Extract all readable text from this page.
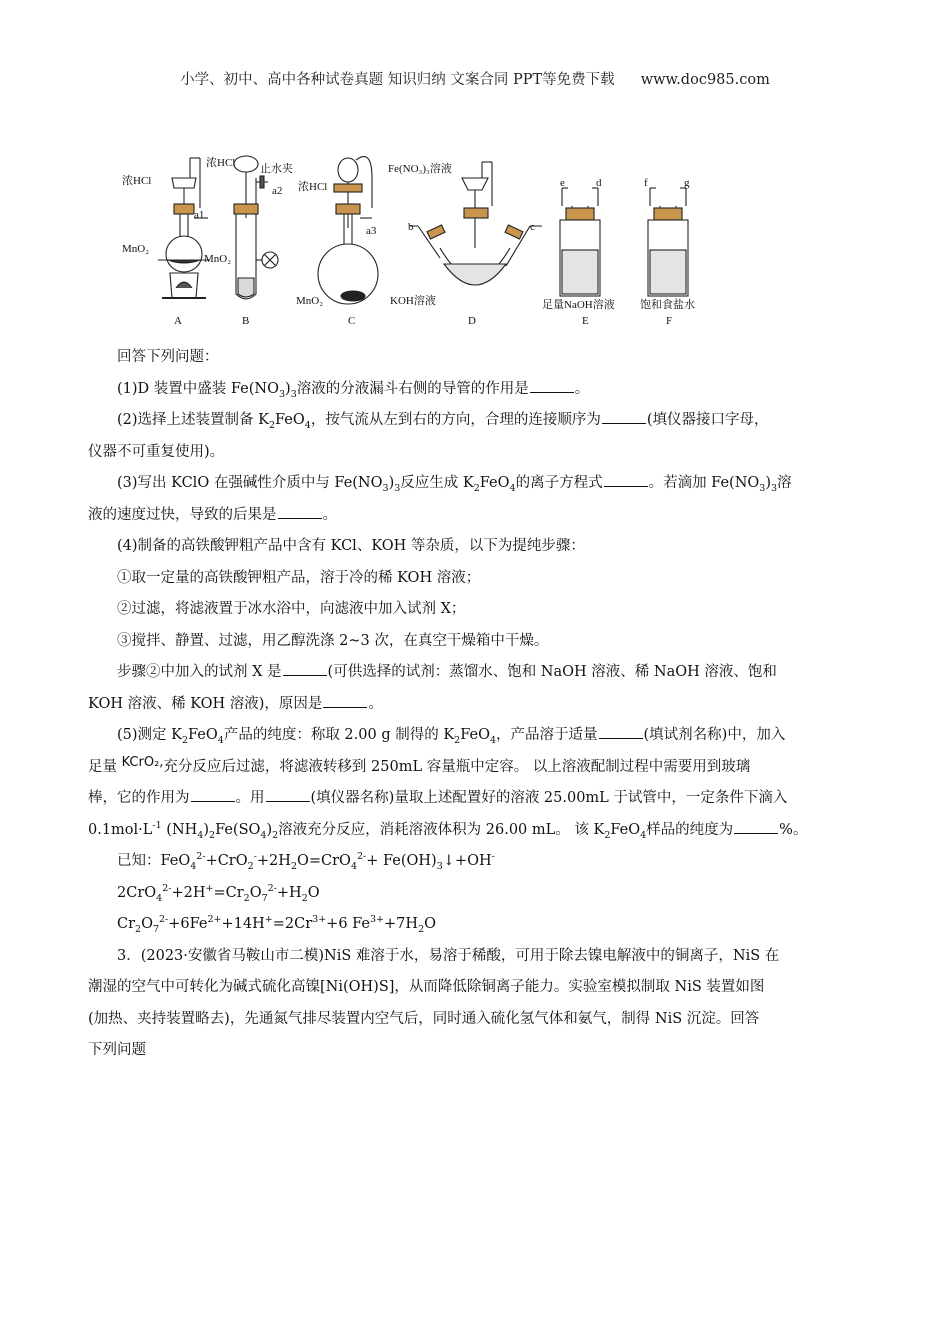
小学、初中、高中各种试卷真题 知识归纳 文案合同 PPT等免费下载 www.doc985.com
浓HCl
a1
MnO₂
A
浓HCl 止水夹
a2
MnO₂
B
浓HCl
a3
MnO₂
C
Fe(NO₃)₃溶液
b	c
KOH溶液
D
e	d
足量NaOH溶液
E
f	g
饱和食盐水
F

回答下列问题：

(1)D 装置中盛装 $Fe(NO_3)_3$溶液的分液漏斗右侧的导管的作用是	。

(2)选择上述装置制备 $K_2FeO_4$，按气流从左到右的方向，合理的连接顺序为	(填仪器接口字母，

仪器不可重复使用)。

(3)写出 KClO 在强碱性介质中与 $Fe(NO_3)_3$反应生成 $K_2FeO_4$的离子方程式	。若滴加 $Fe(NO_3)_3$溶

液的速度过快，导致的后果是	。

(4)制备的高铁酸钾粗产品中含有 KCl、KOH 等杂质，以下为提纯步骤：

①取一定量的高铁酸钾粗产品，溶于冷的稀 KOH 溶液；

②过滤，将滤液置于冰水浴中，向滤液中加入试剂 X；

③搅拌、静置、过滤，用乙醇洗涤 2~3 次，在真空干燥箱中干燥。

步骤②中加入的试剂 X 是	(可供选择的试剂：蒸馏水、饱和 NaOH 溶液、稀 NaOH 溶液、饱和

KOH 溶液、稀 KOH 溶液)，原因是	。

(5)测定 $K_2FeO_4$产品的纯度：称取 2.00 g 制得的 $K_2FeO_4$，产品溶于适量	(填试剂名称)中，加入

足量 KCrO₂,充分反应后过滤，将滤液转移到 250mL 容量瓶中定容。 以上溶液配制过程中需要用到玻璃

棒，它的作用为	。用	(填仪器名称)量取上述配置好的溶液 25.00mL 于试管中，一定条件下滴入

$0.1mol\cdot L^{-1}$ $(NH_4)_2Fe(SO_4)_2$溶液充分反应，消耗溶液体积为 26.00 mL。 该 $K_2FeO_4$样品的纯度为	%。

已知：$FeO_4^{2-}+CrO_2^-+2H_2O=CrO_4^{2-}+$ $Fe(OH)_3↓+OH^-$

$2CrO_4^{2-}+2H^+=Cr_2O_7^{2-}+H_2O$

$Cr_2O_7^{2-}+6Fe^{2+}+14H^+=2Cr^{3+}+6$ $Fe^{3+}+7H_2O$

3．(2023·安徽省马鞍山市二模)NiS 难溶于水，易溶于稀酸，可用于除去镍电解液中的铜离子，NiS 在

潮湿的空气中可转化为碱式硫化高镍[Ni(OH)S]，从而降低除铜离子能力。实验室模拟制取 NiS 装置如图

(加热、夹持装置略去)，先通氮气排尽装置内空气后，同时通入硫化氢气体和氨气，制得 NiS 沉淀。回答

下列问题
